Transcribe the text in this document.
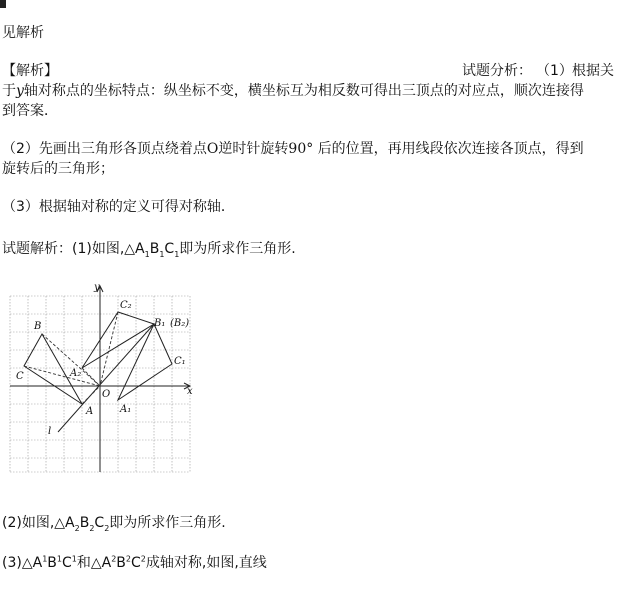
见解析
【解析】	试题分析： （1） 根据关
于y轴对称点的坐标特点：纵坐标不变，横坐标互为相反数可得出三顶点的对应点，顺次连接得
到答案．
（2）先画出三角形各顶点绕着点O逆时针旋转90° 后的位置，再用线段依次连接各顶点，得到
旋转后的三角形；
（3）根据轴对称的定义可得对称轴．
试题解析：(1)如图$,\triangle A_1B_1C_1$即为所求作三角形.
y
x
O
B
C
A
A₂
C₂
B₁ (B₂)
C₁
A₁
l
(2)如图$,\triangle A_2B_2C_2$即为所求作三角形.
$(3)\triangle A^1B^1C^1$和$\triangle A^2B^2C^2$成轴对称,如图,直线
